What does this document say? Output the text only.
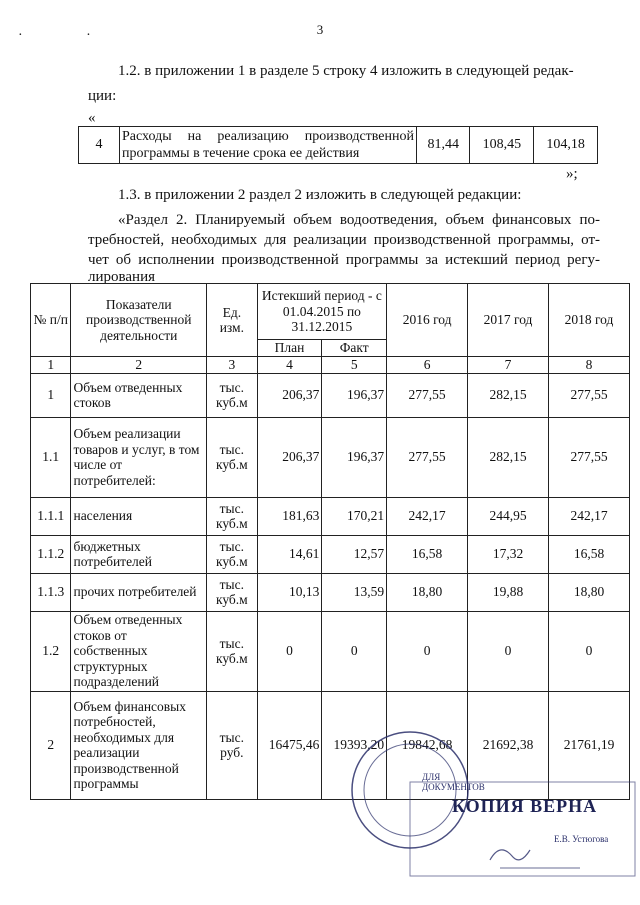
3
· ·
1.2. в приложении 1 в разделе 5 строку 4 изложить в следующей редак-
ции:
«
4	
Расходы на реализацию производственной
программы в течение срока ее действия
	81,44	108,45	104,18
»;
1.3. в приложении 2 раздел 2 изложить в следующей редакции:
«Раздел 2. Планируемый объем водоотведения, объем финансовых по-
требностей, необходимых для реализации производственной программы, от-
чет об исполнении производственной программы за истекший период регу-
лирования
№ п/п	Показатели производственной деятельности	Ед. изм.	Истекший период - с 01.04.2015 по 31.12.2015		2016 год	2017 год	2018 год
			План	Факт			
1	2	3	4	5	6	7	8
1	Объем отведенных стоков	тыс. куб.м	206,37	196,37	277,55	282,15	277,55
1.1	Объем реализации товаров и услуг, в том числе от потребителей:	тыс. куб.м	206,37	196,37	277,55	282,15	277,55
1.1.1	населения	тыс. куб.м	181,63	170,21	242,17	244,95	242,17
1.1.2	бюджетных потребителей	тыс. куб.м	14,61	12,57	16,58	17,32	16,58
1.1.3	прочих потребителей	тыс. куб.м	10,13	13,59	18,80	19,88	18,80
1.2	Объем отведенных стоков от собственных структурных подразделений	тыс. куб.м	0	0	0	0	0
2	Объем финансовых потребностей, необходимых для реализации производственной программы	тыс. руб.	16475,46	19393,20	19842,68	21692,38	21761,19
ДЛЯ ДОКУМЕНТОВ
КОПИЯ ВЕРНА
Е.В. Устюгова
